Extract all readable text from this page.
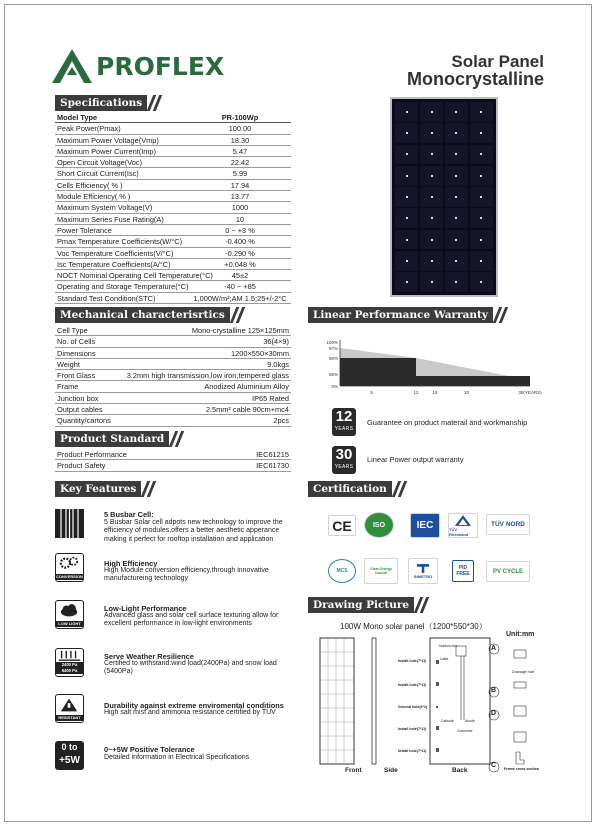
PROFLEX	Solar Panel
Monocrystalline
Specifications
Model Type	PR-100Wp
Peak Power(Pmax)	100.00
Maximum Power Voltage(Vmp)	18.30
Maximum Power Current(Imp)	5.47
Open Circuit Voltage(Voc)	22.42
Short Circuit Current(Isc)	5.99
Cells Efficiency( % )	17.94
Module Efficiency( % )	13.77
Maximum System Voltage(V)	1000
Maximum Series Fuse Rating(A)	10
Power Tolerance	0 ~ +3 %
Pmax Temperature Coefficients(W/°C)	-0.400 %
Voc Temperature Coefficients(V/°C)	-0.290 %
Isc Temperature Coefficients(A/°C)	+0.048 %
NOCT Nominal Operating Cell Temperature(°C)	45±2
Operating and Storage Temperature(°C)	-40 ~ +85
Standard Test Condition(STC)	1,000W/m²;AM 1.5;25+/-2°C
Mechanical characterisrtics
Cell Type	Mono-crystalline 125×125mm
No. of Cells	36(4×9)
Dimensions	1200×550×30mm
Weight	9.0kgs
Front Glass	3.2mm high transmission,low iron,tempered glass
Frame	Anodized Aluminium Alloy
Junction box	IP65 Rated
Output cables	2.5mm² cable 90cm+mc4
Quantity/cartons	2pcs
Product Standard
Product Performance	IEC61215
Product Safety	IEC61730
Linear Performance Warranty
100%
97%
90%
85%
0%
5	12	15	20	30(YEARS)
12
YEARS
Guarantee on product materail and workmanship
30
YEARS
Linear Power output warranty
Key Features
5 Busbar Cell:
5 Busbar Solar cell adpots new technology to improve the efficiency of modules,offers a better aesthetic apperance making it perfect for rooftop installation and application
CONVERSION
High Efficiency
High Module conversion efficiency,through innovative manufactureing technology
LOW LIGHT
Low-Light Performance
Advanced glass and solar cell surface texturing allow for excellent performance in low-light environments
2400 Pa
5400 Pa
Serve Weather Resilience
Certified to withstand:wind load(2400Pa) and snow load (5400Pa)
RESISTANT
Durability against extreme enviromental conditions
High salt mist and ammonia resistance certified by TUV
0 to
+5W
0~+5W Positive Tolerance
Detailed information in Electrical Specifications
Certification
CE	ISO	IEC	TÜV Rheinland
TÜV NORD
MCS	Clean Energy Council
INMETRO
PID FREE	PV CYCLE
Drawing Picture
100W Mono solar panel（1200*550*30）
Unit:mm
Front	Side	Back
Install hole(7*11)
Install hole(7*11)
Ground hole(4*2)
Install hole(7*11)
Install hole(7*11)
Junction box
Lable
Cathode	Anode
Connector
A
B
D
C
Drainage hole
Frame cross section
